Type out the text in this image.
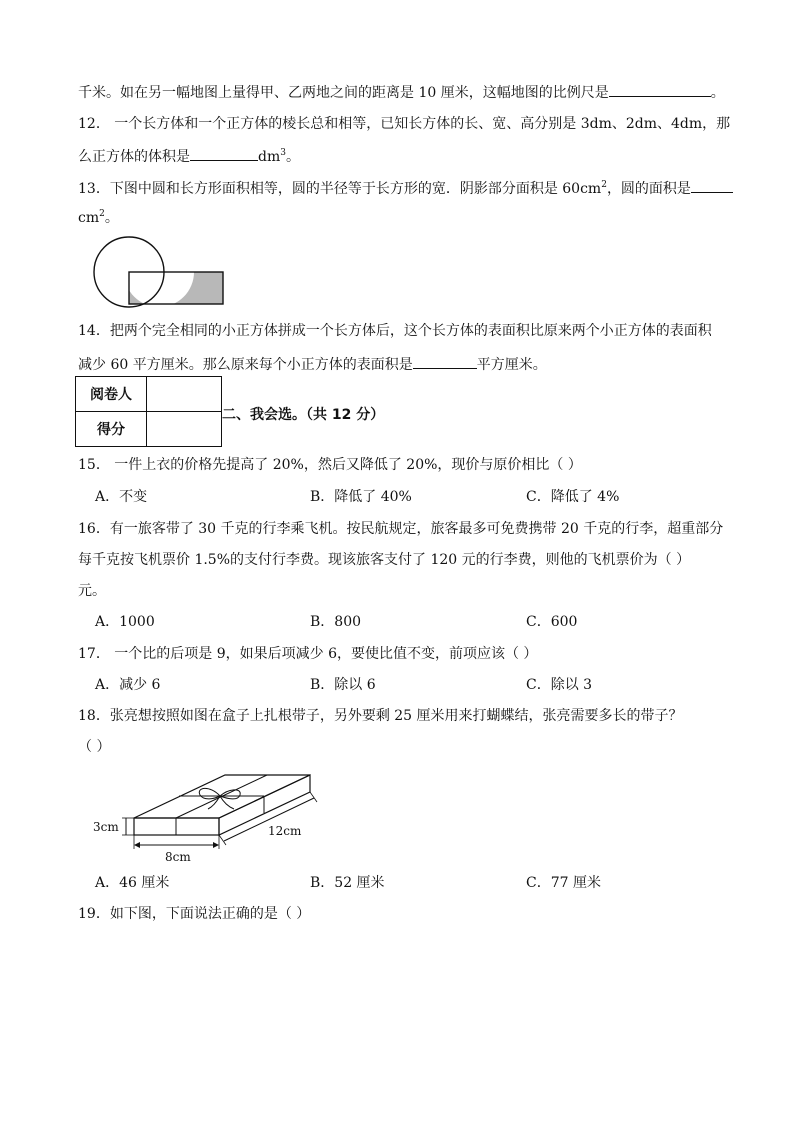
千米。如在另一幅地图上量得甲、乙两地之间的距离是 10 厘米，这幅地图的比例尺是	。
12． 一个长方体和一个正方体的棱长总和相等，已知长方体的长、宽、高分别是 3dm、2dm、4dm，那
么正方体的体积是	$dm^3$。
13．下图中圆和长方形面积相等，圆的半径等于长方形的宽．阴影部分面积是 $60cm^2$，圆的面积是
$cm^2$。
14．把两个完全相同的小正方体拼成一个长方体后，这个长方体的表面积比原来两个小正方体的表面积
减少 60 平方厘米。那么原来每个小正方体的表面积是	平方厘米。
阅卷人	
得分	
二、我会选。（共 12 分）
15． 一件上衣的价格先提高了 20%，然后又降低了 20%，现价与原价相比（ ）
A．不变	B．降低了 40%	C．降低了 4%
16．有一旅客带了 30 千克的行李乘飞机。按民航规定，旅客最多可免费携带 20 千克的行李，超重部分
每千克按飞机票价 1.5%的支付行李费。现该旅客支付了 120 元的行李费，则他的飞机票价为（ ）
元。
A．1000	B．800	C．600
17． 一个比的后项是 9，如果后项减少 6，要使比值不变，前项应该（ ）
A．减少 6	B．除以 6	C．除以 3
18．张亮想按照如图在盒子上扎根带子，另外要剩 25 厘米用来打蝴蝶结，张亮需要多长的带子？
（ ）
3cm
8cm
12cm
A．46 厘米	B．52 厘米	C．77 厘米
19．如下图，下面说法正确的是（ ）
